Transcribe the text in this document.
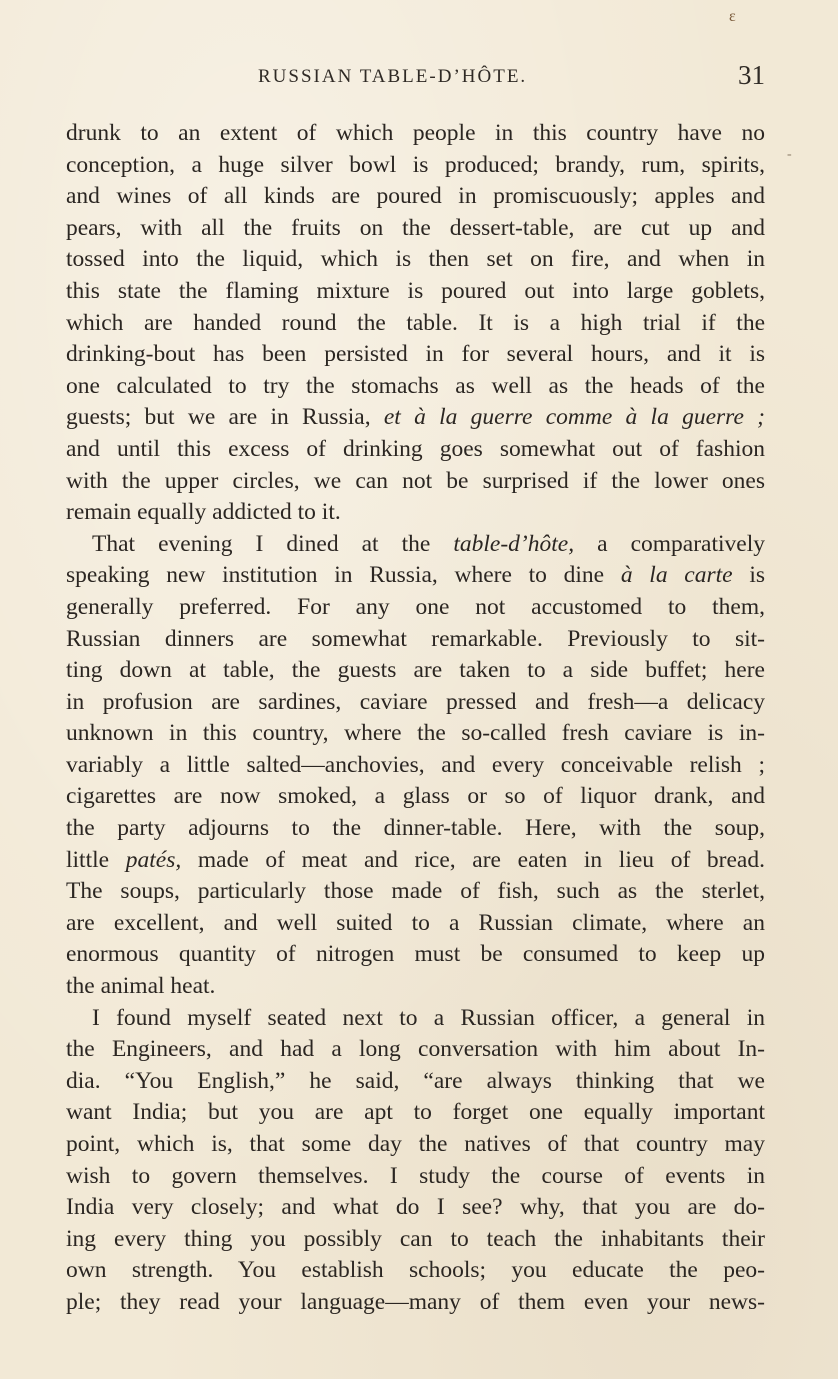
ɛ
-
RUSSIAN TABLE-D’HÔTE.	31
drunk to an extent of which people in this country have no
conception, a huge silver bowl is produced; brandy, rum, spirits,
and wines of all kinds are poured in promiscuously; apples and
pears, with all the fruits on the dessert-table, are cut up and
tossed into the liquid, which is then set on fire, and when in
this state the flaming mixture is poured out into large goblets,
which are handed round the table. It is a high trial if the
drinking-bout has been persisted in for several hours, and it is
one calculated to try the stomachs as well as the heads of the
guests; but we are in Russia, et à la guerre comme à la guerre ;
and until this excess of drinking goes somewhat out of fashion
with the upper circles, we can not be surprised if the lower ones
remain equally addicted to it.
That evening I dined at the table-d’hôte, a comparatively
speaking new institution in Russia, where to dine à la carte is
generally preferred. For any one not accustomed to them,
Russian dinners are somewhat remarkable. Previously to sit-
ting down at table, the guests are taken to a side buffet; here
in profusion are sardines, caviare pressed and fresh—a delicacy
unknown in this country, where the so-called fresh caviare is in-
variably a little salted—anchovies, and every conceivable relish ;
cigarettes are now smoked, a glass or so of liquor drank, and
the party adjourns to the dinner-table. Here, with the soup,
little patés, made of meat and rice, are eaten in lieu of bread.
The soups, particularly those made of fish, such as the sterlet,
are excellent, and well suited to a Russian climate, where an
enormous quantity of nitrogen must be consumed to keep up
the animal heat.
I found myself seated next to a Russian officer, a general in
the Engineers, and had a long conversation with him about In-
dia. “You English,” he said, “are always thinking that we
want India; but you are apt to forget one equally important
point, which is, that some day the natives of that country may
wish to govern themselves. I study the course of events in
India very closely; and what do I see? why, that you are do-
ing every thing you possibly can to teach the inhabitants their
own strength. You establish schools; you educate the peo-
ple; they read your language—many of them even your news-
